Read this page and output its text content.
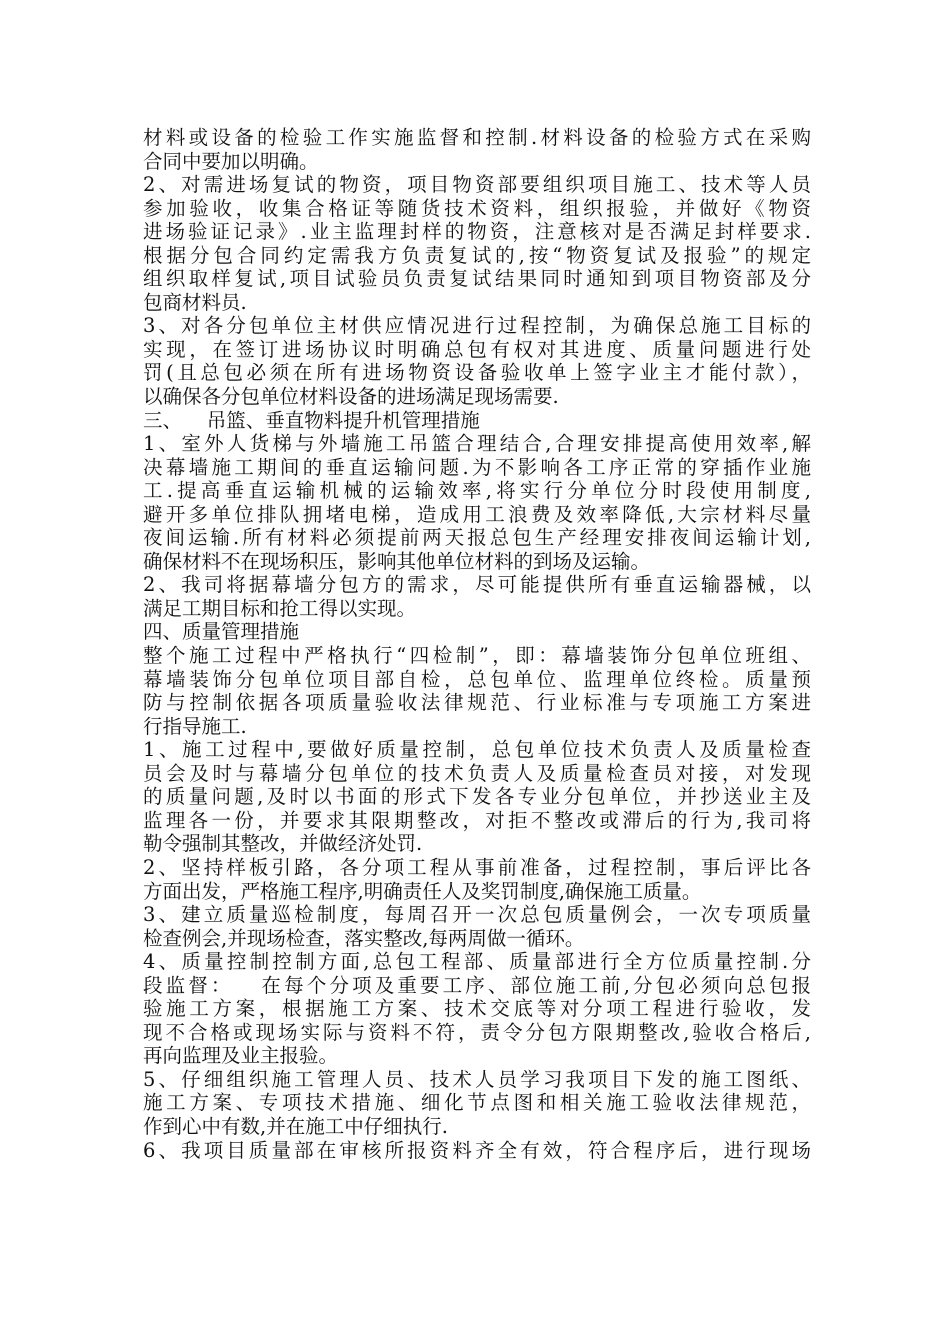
材料或设备的检验工作实施监督和控制.材料设备的检验方式在采购
合同中要加以明确。
2、对需进场复试的物资，项目物资部要组织项目施工、技术等人员
参加验收，收集合格证等随货技术资料，组织报验，并做好《物资
进场验证记录》.业主监理封样的物资，注意核对是否满足封样要求.
根据分包合同约定需我方负责复试的,按“物资复试及报验”的规定
组织取样复试,项目试验员负责复试结果同时通知到项目物资部及分
包商材料员.
3、对各分包单位主材供应情况进行过程控制，为确保总施工目标的
实现，在签订进场协议时明确总包有权对其进度、质量问题进行处
罚(且总包必须在所有进场物资设备验收单上签字业主才能付款），
以确保各分包单位材料设备的进场满足现场需要.
三、    吊篮、垂直物料提升机管理措施
1、室外人货梯与外墙施工吊篮合理结合,合理安排提高使用效率,解
决幕墙施工期间的垂直运输问题.为不影响各工序正常的穿插作业施
工.提高垂直运输机械的运输效率,将实行分单位分时段使用制度,
避开多单位排队拥堵电梯，造成用工浪费及效率降低,大宗材料尽量
夜间运输.所有材料必须提前两天报总包生产经理安排夜间运输计划,
确保材料不在现场积压，影响其他单位材料的到场及运输。
2、我司将据幕墙分包方的需求，尽可能提供所有垂直运输器械，以
满足工期目标和抢工得以实现。
四、质量管理措施
整个施工过程中严格执行“四检制”，即：幕墙装饰分包单位班组、
幕墙装饰分包单位项目部自检，总包单位、监理单位终检。质量预
防与控制依据各项质量验收法律规范、行业标准与专项施工方案进
行指导施工.
1、施工过程中,要做好质量控制，总包单位技术负责人及质量检查
员会及时与幕墙分包单位的技术负责人及质量检查员对接，对发现
的质量问题,及时以书面的形式下发各专业分包单位，并抄送业主及
监理各一份，并要求其限期整改，对拒不整改或滞后的行为,我司将
勒令强制其整改，并做经济处罚.
2、坚持样板引路，各分项工程从事前准备，过程控制，事后评比各
方面出发，严格施工程序,明确责任人及奖罚制度,确保施工质量。
3、建立质量巡检制度，每周召开一次总包质量例会，一次专项质量
检查例会,并现场检查，落实整改,每两周做一循环。
4、质量控制控制方面,总包工程部、质量部进行全方位质量控制.分
段监督：   在每个分项及重要工序、部位施工前,分包必须向总包报
验施工方案，根据施工方案、技术交底等对分项工程进行验收，发
现不合格或现场实际与资料不符，责令分包方限期整改,验收合格后,
再向监理及业主报验。
5、仔细组织施工管理人员、技术人员学习我项目下发的施工图纸、
施工方案、专项技术措施、细化节点图和相关施工验收法律规范，
作到心中有数,并在施工中仔细执行.
6、我项目质量部在审核所报资料齐全有效，符合程序后，进行现场
